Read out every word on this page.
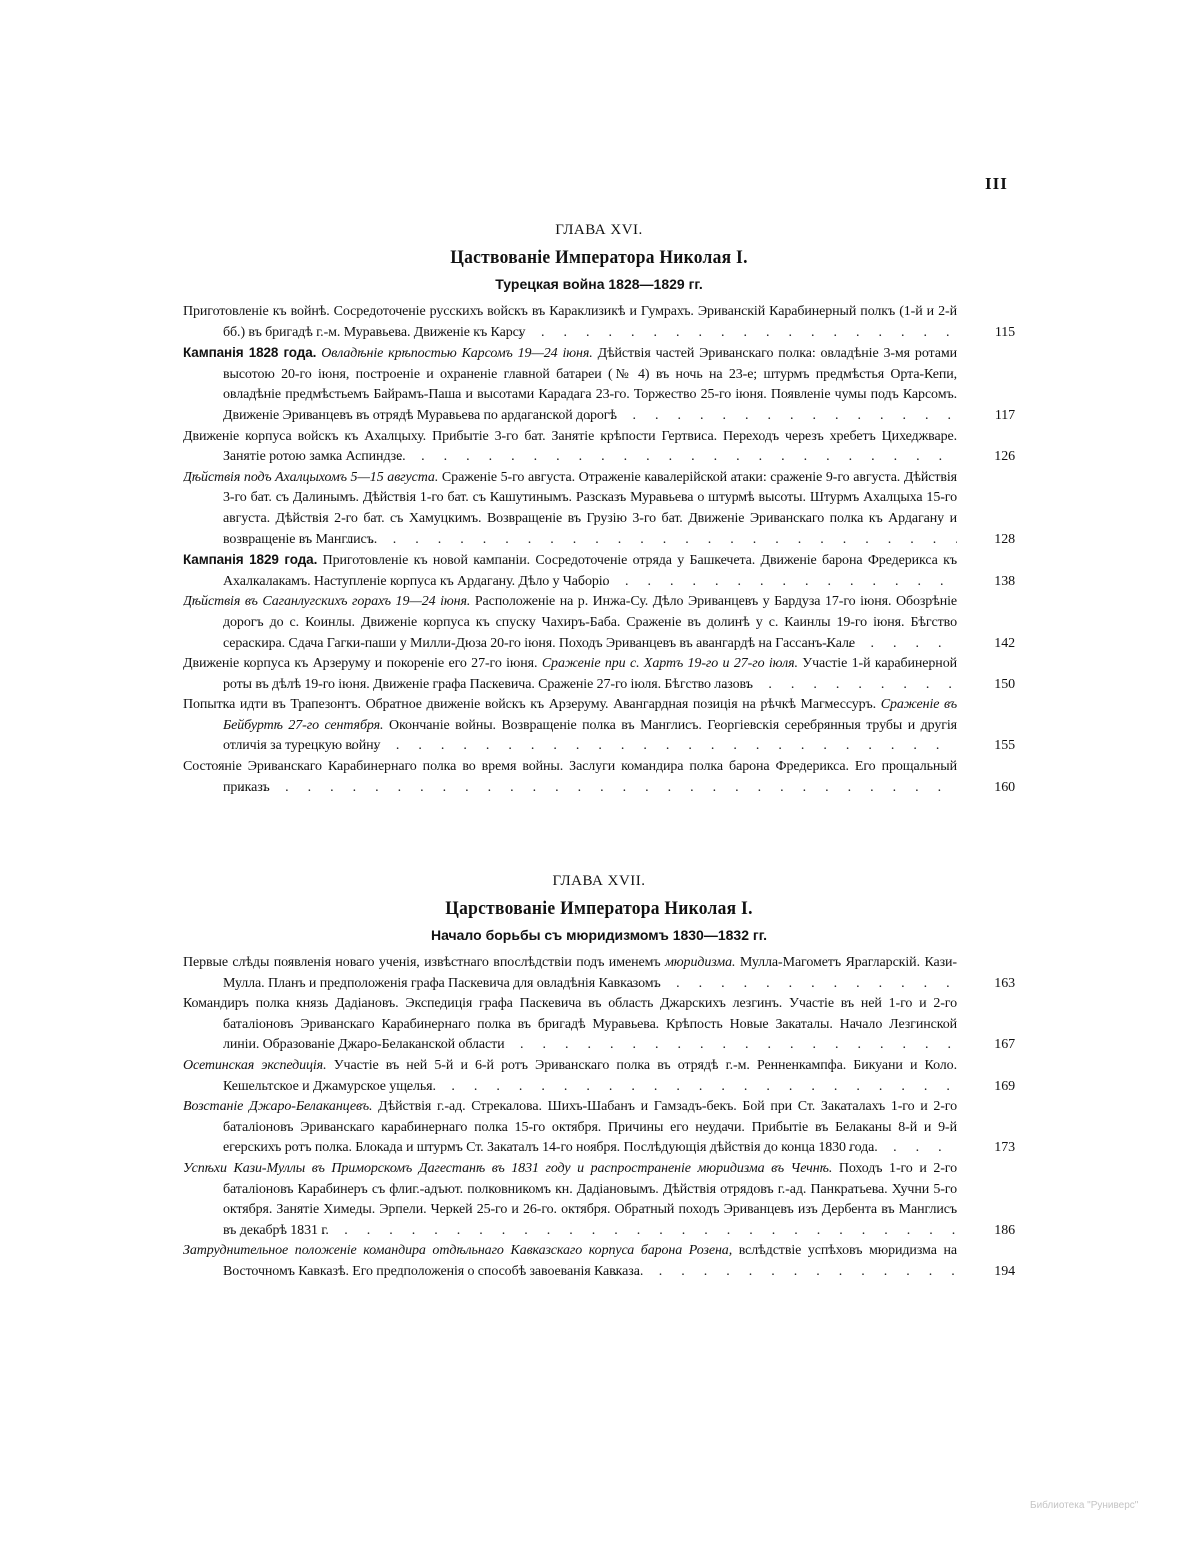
III
ГЛАВА XVI.
Цаствованіе Императора Николая I.
Турецкая война 1828—1829 гг.
Приготовленіе къ войнѣ. Сосредоточеніе русскихъ войскъ въ Караклизикѣ и Гумрахъ. Эриванскій Карабинерный полкъ (1-й и 2-й бб.) въ бригадѣ г.-м. Муравьева. Движеніе къ Карсу	115
Кампанія 1828 года. Овладѣніе крѣпостью Карсомъ 19—24 іюня. Дѣйствія частей Эриванскаго полка: овладѣніе 3-мя ротами высотою 20-го іюня, построеніе и охраненіе главной батареи (№ 4) въ ночь на 23-е; штурмъ предмѣстья Орта-Кепи, овладѣніе предмѣстьемъ Байрамъ-Паша и высотами Карадага 23-го. Торжество 25-го іюня. Появленіе чумы подъ Карсомъ. Движеніе Эриванцевъ въ отрядѣ Муравьева по ардаганской дорогѣ	117
Движеніе корпуса войскъ къ Ахалцыху. Прибытіе 3-го бат. Занятіе крѣпости Гертвиса. Переходъ черезъ хребетъ Цихеджваре. Занятіе ротою замка Аспиндзе.	126
Дѣйствія подъ Ахалцыхомъ 5—15 августа. Сраженіе 5-го августа. Отраженіе кавалерійской атаки: сраженіе 9-го августа. Дѣйствія 3-го бат. съ Далинымъ. Дѣйствія 1-го бат. съ Кашутинымъ. Разсказъ Муравьева о штурмѣ высоты. Штурмъ Ахалцыха 15-го августа. Дѣйствія 2-го бат. съ Хамуцкимъ. Возвращеніе въ Грузію 3-го бат. Движеніе Эриванскаго полка къ Ардагану и возвращеніе въ Манглисъ.	128
Кампанія 1829 года. Приготовленіе къ новой кампаніи. Сосредоточеніе отряда у Башкечета. Движеніе барона Фредерикса къ Ахалкалакамъ. Наступленіе корпуса къ Ардагану. Дѣло у Чаборіо	138
Дѣйствія въ Саганлугскихъ горахъ 19—24 іюня. Расположеніе на р. Инжа-Су. Дѣло Эриванцевъ у Бардуза 17-го іюня. Обозрѣніе дорогъ до с. Коинлы. Движеніе корпуса къ спуску Чахиръ-Баба. Сраженіе въ долинѣ у с. Каинлы 19-го іюня. Бѣгство сераскира. Сдача Гагки-паши у Милли-Дюза 20-го іюня. Походъ Эриванцевъ въ авангардѣ на Гассанъ-Кале	142
Движеніе корпуса къ Арзеруму и покореніе его 27-го іюня. Сраженіе при с. Хартъ 19-го и 27-го іюля. Участіе 1-й карабинерной роты въ дѣлѣ 19-го іюня. Движеніе графа Паскевича. Сраженіе 27-го іюля. Бѣгство лазовъ	150
Попытка идти въ Трапезонтъ. Обратное движеніе войскъ къ Арзеруму. Авангардная позиція на рѣчкѣ Магмессуръ. Сраженіе въ Бейбуртѣ 27-го сентября. Окончаніе войны. Возвращеніе полка въ Манглисъ. Георгіевскія серебрянныя трубы и другія отличія за турецкую войну	155
Состояніе Эриванскаго Карабинернаго полка во время войны. Заслуги командира полка барона Фредерикса. Его прощальный приказъ	160
ГЛАВА XVII.
Царствованіе Императора Николая I.
Начало борьбы съ мюридизмомъ 1830—1832 гг.
Первые слѣды появленія новаго ученія, извѣстнаго впослѣдствіи подъ именемъ мюридизма. Мулла-Магометъ Ярагларскій. Кази-Мулла. Планъ и предположенія графа Паскевича для овладѣнія Кавказомъ	163
Командиръ полка князь Дадіановъ. Экспедиція графа Паскевича въ область Джарскихъ лезгинъ. Участіе въ ней 1-го и 2-го баталіоновъ Эриванскаго Карабинернаго полка въ бригадѣ Муравьева. Крѣпость Новые Закаталы. Начало Лезгинской линіи. Образованіе Джаро-Белаканской области	167
Осетинская экспедиція. Участіе въ ней 5-й и 6-й ротъ Эриванскаго полка въ отрядѣ г.-м. Ренненкампфа. Бикуани и Коло. Кешельтское и Джамурское ущелья.	169
Возстаніе Джаро-Белаканцевъ. Дѣйствія г.-ад. Стрекалова. Шихъ-Шабанъ и Гамзадъ-бекъ. Бой при Ст. Закаталахъ 1-го и 2-го баталіоновъ Эриванскаго карабинернаго полка 15-го октября. Причины его неудачи. Прибытіе въ Белаканы 8-й и 9-й егерскихъ ротъ полка. Блокада и штурмъ Ст. Закаталъ 14-го ноября. Послѣдующія дѣйствія до конца 1830 года.	173
Успѣхи Кази-Муллы въ Приморскомъ Дагестанѣ въ 1831 году и распространеніе мюридизма въ Чечнѣ. Походъ 1-го и 2-го баталіоновъ Карабинеръ съ флиг.-адъют. полковникомъ кн. Дадіановымъ. Дѣйствія отрядовъ г.-ад. Панкратьева. Хучни 5-го октября. Занятіе Химеды. Эрпели. Черкей 25-го и 26-го. октября. Обратный походъ Эриванцевъ изъ Дербента въ Манглисъ въ декабрѣ 1831 г.	186
Затруднительное положеніе командира отдѣльнаго Кавказскаго корпуса барона Розена, вслѣдствіе успѣховъ мюридизма на Восточномъ Кавказѣ. Его предположенія о способѣ завоеванія Кавказа.	194
Библиотека "Руниверс"
